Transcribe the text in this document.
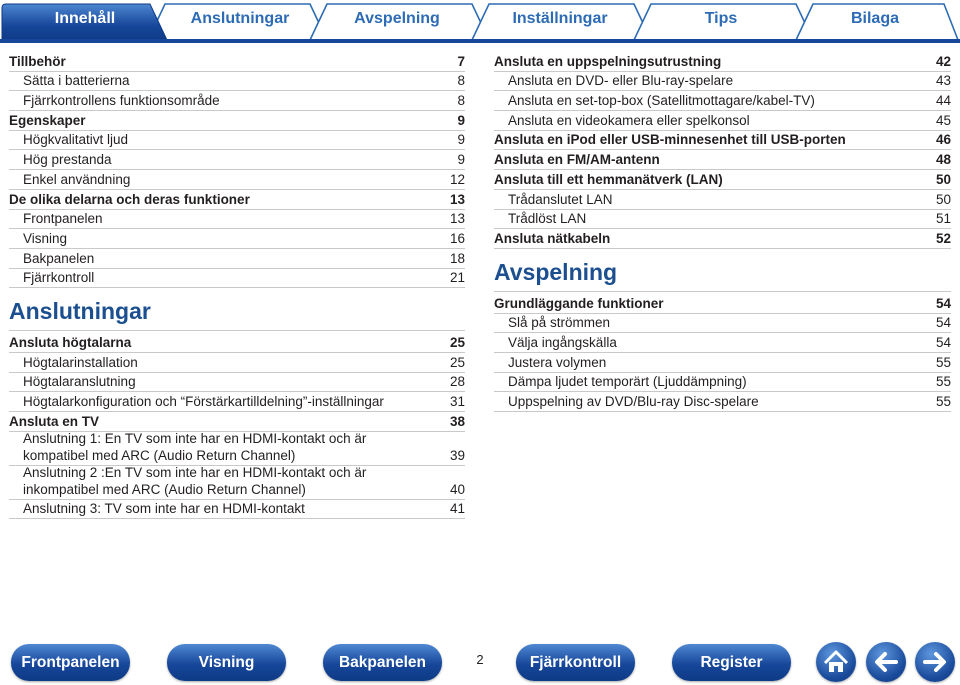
Innehåll	Anslutningar	Avspelning	Inställningar	Tips	Bilaga
Tillbehör	7
Sätta i batterierna	8
Fjärrkontrollens funktionsområde	8
Egenskaper	9
Högkvalitativt ljud	9
Hög prestanda	9
Enkel användning	12
De olika delarna och deras funktioner	13
Frontpanelen	13
Visning	16
Bakpanelen	18
Fjärrkontroll	21
Anslutningar
Ansluta högtalarna	25
Högtalarinstallation	25
Högtalaranslutning	28
Högtalarkonfiguration och “Förstärkartilldelning”-inställningar	31
Ansluta en TV	38
Anslutning 1: En TV som inte har en HDMI-kontakt och är
kompatibel med ARC (Audio Return Channel)	39
Anslutning 2 :En TV som inte har en HDMI-kontakt och är
inkompatibel med ARC (Audio Return Channel)	40
Anslutning 3: TV som inte har en HDMI-kontakt	41
Ansluta en uppspelningsutrustning	42
Ansluta en DVD- eller Blu-ray-spelare	43
Ansluta en set-top-box (Satellitmottagare/kabel-TV)	44
Ansluta en videokamera eller spelkonsol	45
Ansluta en iPod eller USB-minnesenhet till USB-porten	46
Ansluta en FM/AM-antenn	48
Ansluta till ett hemmanätverk (LAN)	50
Trådanslutet LAN	50
Trådlöst LAN	51
Ansluta nätkabeln	52
Avspelning
Grundläggande funktioner	54
Slå på strömmen	54
Välja ingångskälla	54
Justera volymen	55
Dämpa ljudet temporärt (Ljuddämpning)	55
Uppspelning av DVD/Blu-ray Disc-spelare	55
Frontpanelen	Visning	Bakpanelen	2	Fjärrkontroll	Register
